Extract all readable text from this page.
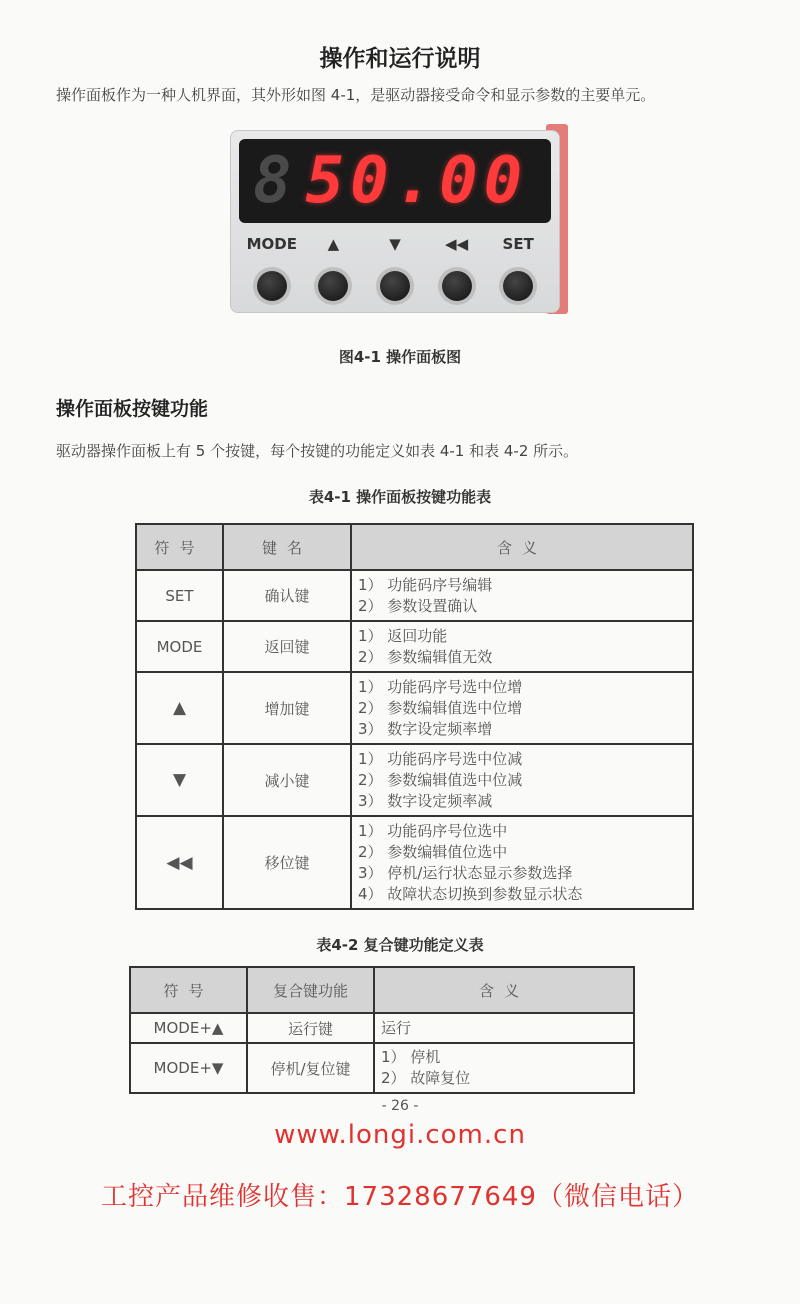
操作和运行说明
操作面板作为一种人机界面，其外形如图 4-1，是驱动器接受命令和显示参数的主要单元。
8 50.00
MODE ▲	▼	◀◀ SET
图4-1 操作面板图
操作面板按键功能
驱动器操作面板上有 5 个按键，每个按键的功能定义如表 4-1 和表 4-2 所示。
表4-1 操作面板按键功能表
符号	键名	含义
SET	确认键	1） 功能码序号编辑
2） 参数设置确认

MODE	返回键	1） 返回功能
2） 参数编辑值无效

▲	增加键	1） 功能码序号选中位增
2） 参数编辑值选中位增
3） 数字设定频率增

▼	减小键	1） 功能码序号选中位减
2） 参数编辑值选中位减
3） 数字设定频率减

◀◀	移位键	1） 功能码序号位选中
2） 参数编辑值位选中
3） 停机/运行状态显示参数选择
4） 故障状态切换到参数显示状态
表4-2 复合键功能定义表
符号	复合键功能	含义
MODE+▲	运行键	运行

MODE+▼	停机/复位键	1） 停机
2） 故障复位
- 26 -
www.longi.com.cn
工控产品维修收售：17328677649（微信电话）
